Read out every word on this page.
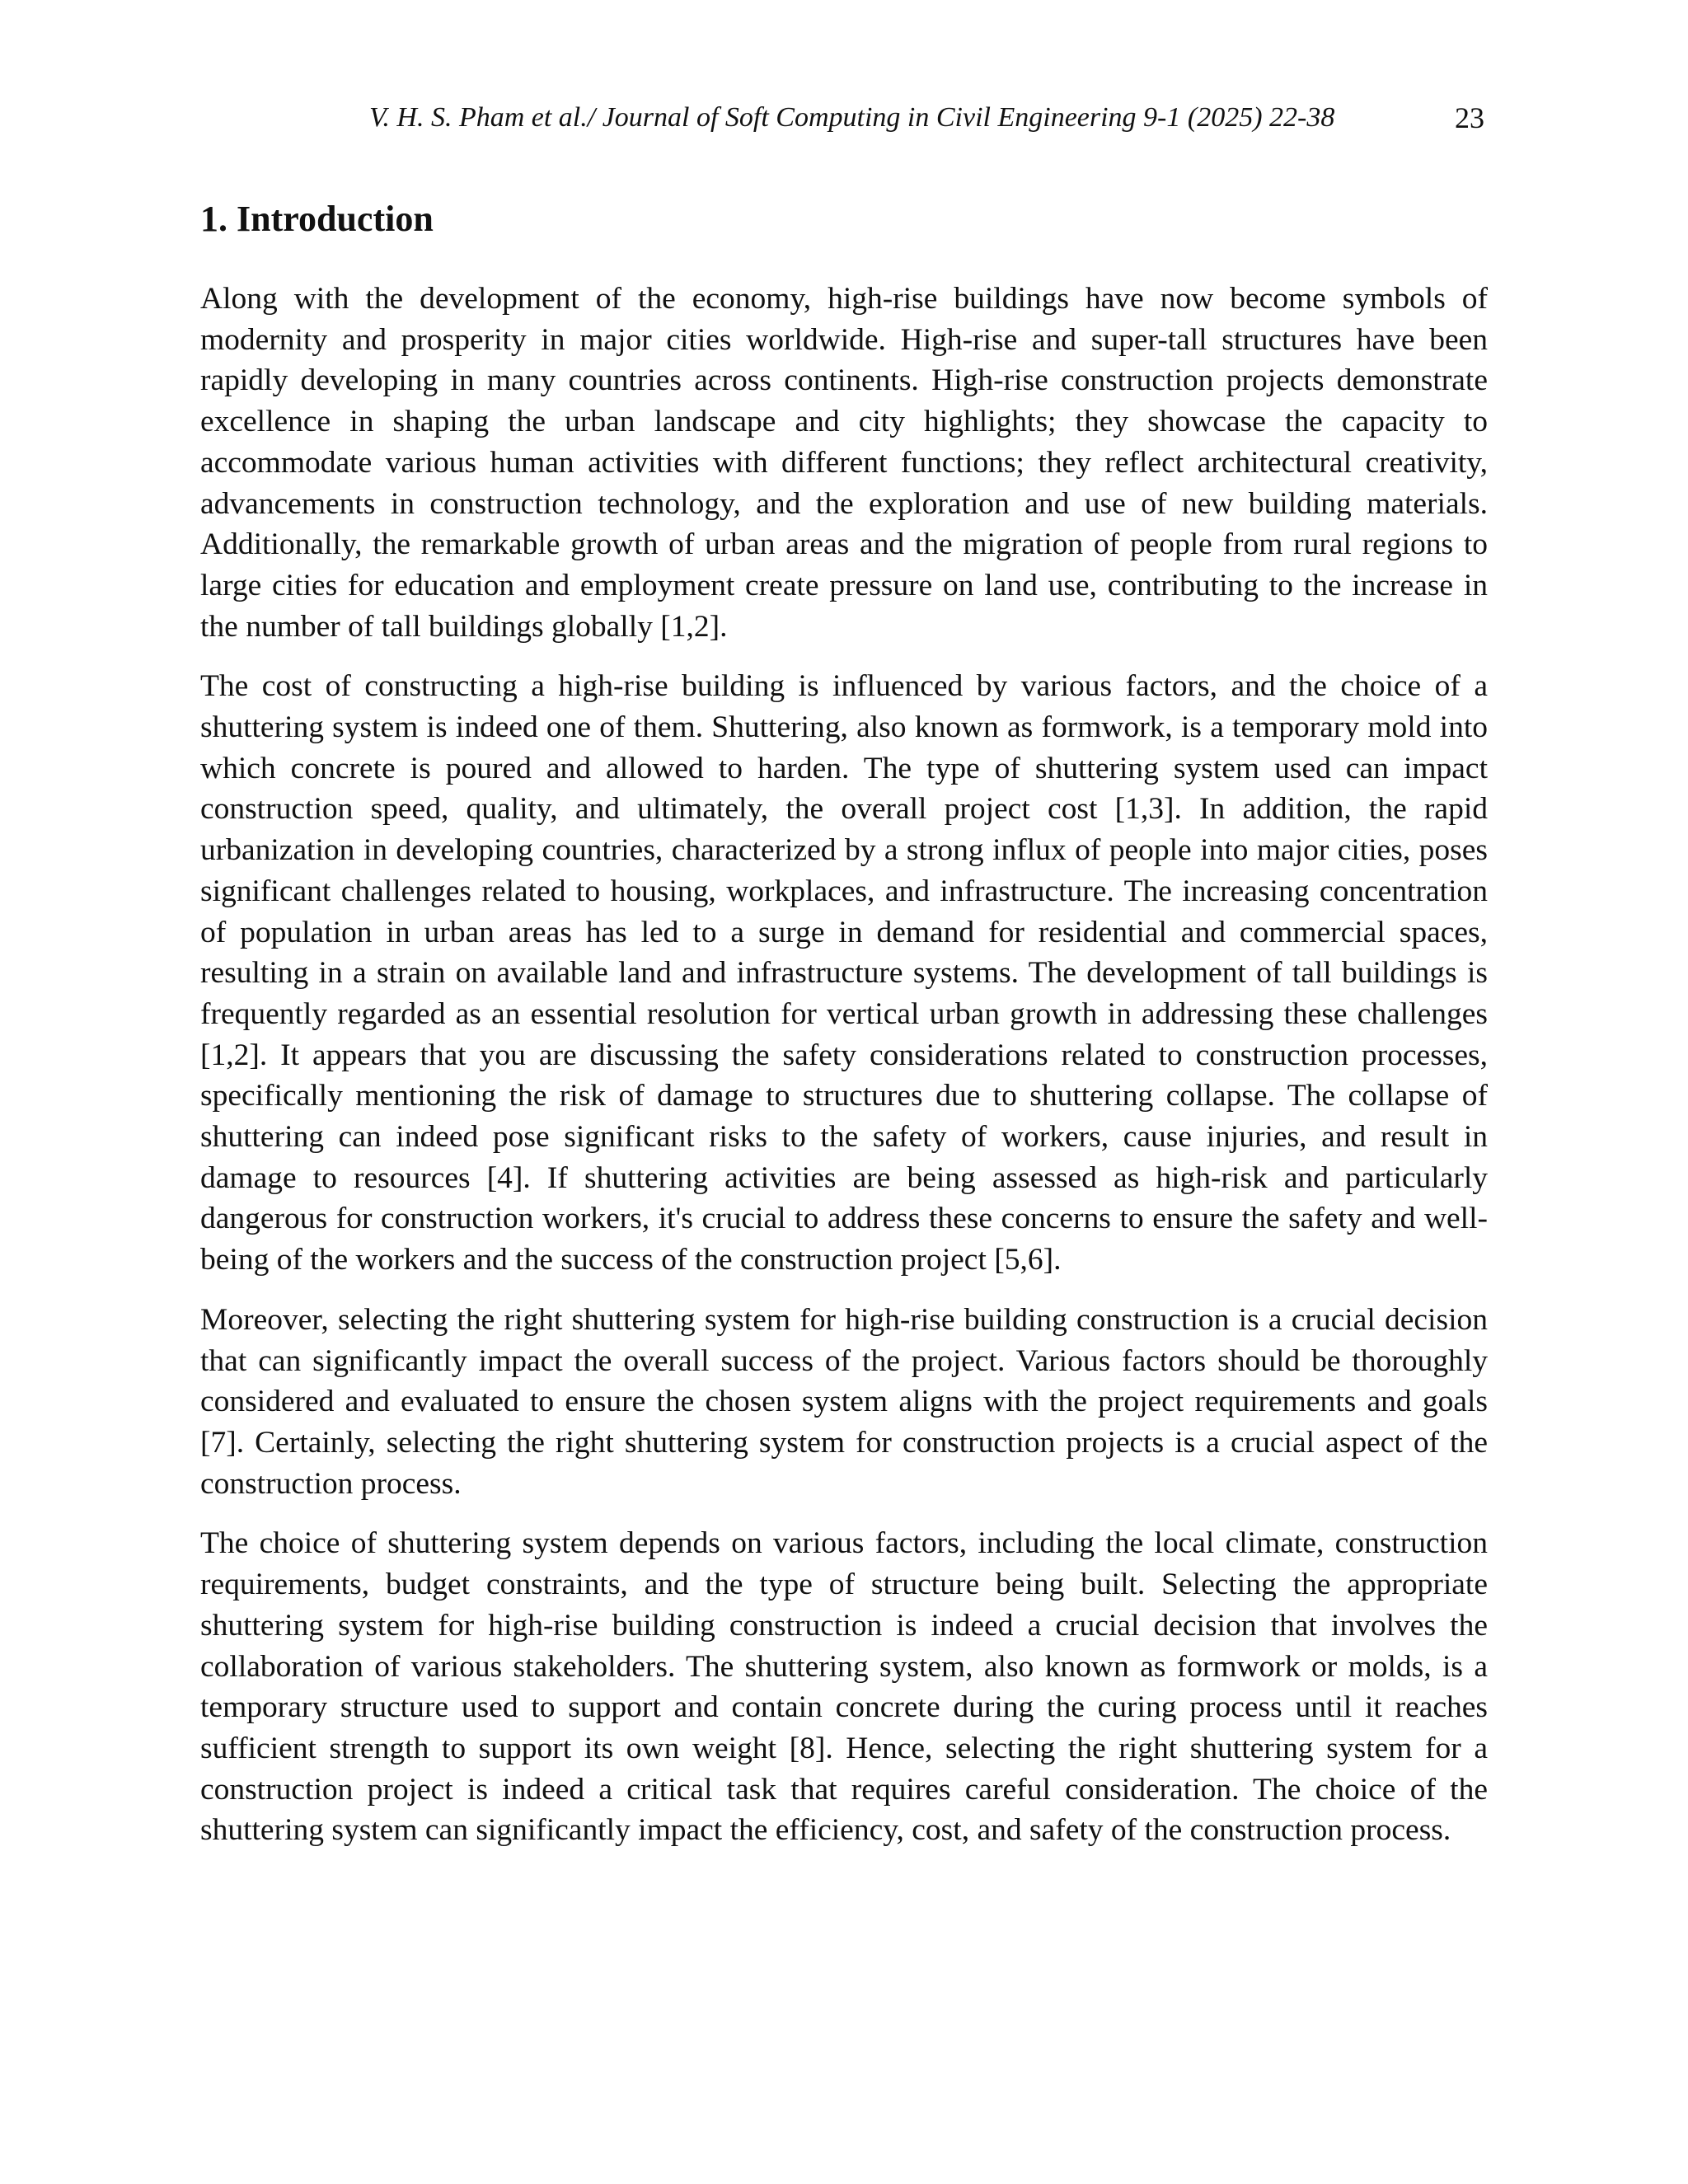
V. H. S. Pham et al./ Journal of Soft Computing in Civil Engineering 9-1 (2025) 22-38	23
1. Introduction

Along with the development of the economy, high-rise buildings have now become symbols of modernity and prosperity in major cities worldwide. High-rise and super-tall structures have been rapidly developing in many countries across continents. High-rise construction projects demonstrate excellence in shaping the urban landscape and city highlights; they showcase the capacity to accommodate various human activities with different functions; they reflect architectural creativity, advancements in construction technology, and the exploration and use of new building materials. Additionally, the remarkable growth of urban areas and the migration of people from rural regions to large cities for education and employment create pressure on land use, contributing to the increase in the number of tall buildings globally [1,2].

The cost of constructing a high-rise building is influenced by various factors, and the choice of a shuttering system is indeed one of them. Shuttering, also known as formwork, is a temporary mold into which concrete is poured and allowed to harden. The type of shuttering system used can impact construction speed, quality, and ultimately, the overall project cost [1,3]. In addition, the rapid urbanization in developing countries, characterized by a strong influx of people into major cities, poses significant challenges related to housing, workplaces, and infrastructure. The increasing concentration of population in urban areas has led to a surge in demand for residential and commercial spaces, resulting in a strain on available land and infrastructure systems. The development of tall buildings is frequently regarded as an essential resolution for vertical urban growth in addressing these challenges [1,2]. It appears that you are discussing the safety considerations related to construction processes, specifically mentioning the risk of damage to structures due to shuttering collapse. The collapse of shuttering can indeed pose significant risks to the safety of workers, cause injuries, and result in damage to resources [4]. If shuttering activities are being assessed as high-risk and particularly dangerous for construction workers, it's crucial to address these concerns to ensure the safety and well-being of the workers and the success of the construction project [5,6].

Moreover, selecting the right shuttering system for high-rise building construction is a crucial decision that can significantly impact the overall success of the project. Various factors should be thoroughly considered and evaluated to ensure the chosen system aligns with the project requirements and goals [7]. Certainly, selecting the right shuttering system for construction projects is a crucial aspect of the construction process.

The choice of shuttering system depends on various factors, including the local climate, construction requirements, budget constraints, and the type of structure being built. Selecting the appropriate shuttering system for high-rise building construction is indeed a crucial decision that involves the collaboration of various stakeholders. The shuttering system, also known as formwork or molds, is a temporary structure used to support and contain concrete during the curing process until it reaches sufficient strength to support its own weight [8]. Hence, selecting the right shuttering system for a construction project is indeed a critical task that requires careful consideration. The choice of the shuttering system can significantly impact the efficiency, cost, and safety of the construction process.
